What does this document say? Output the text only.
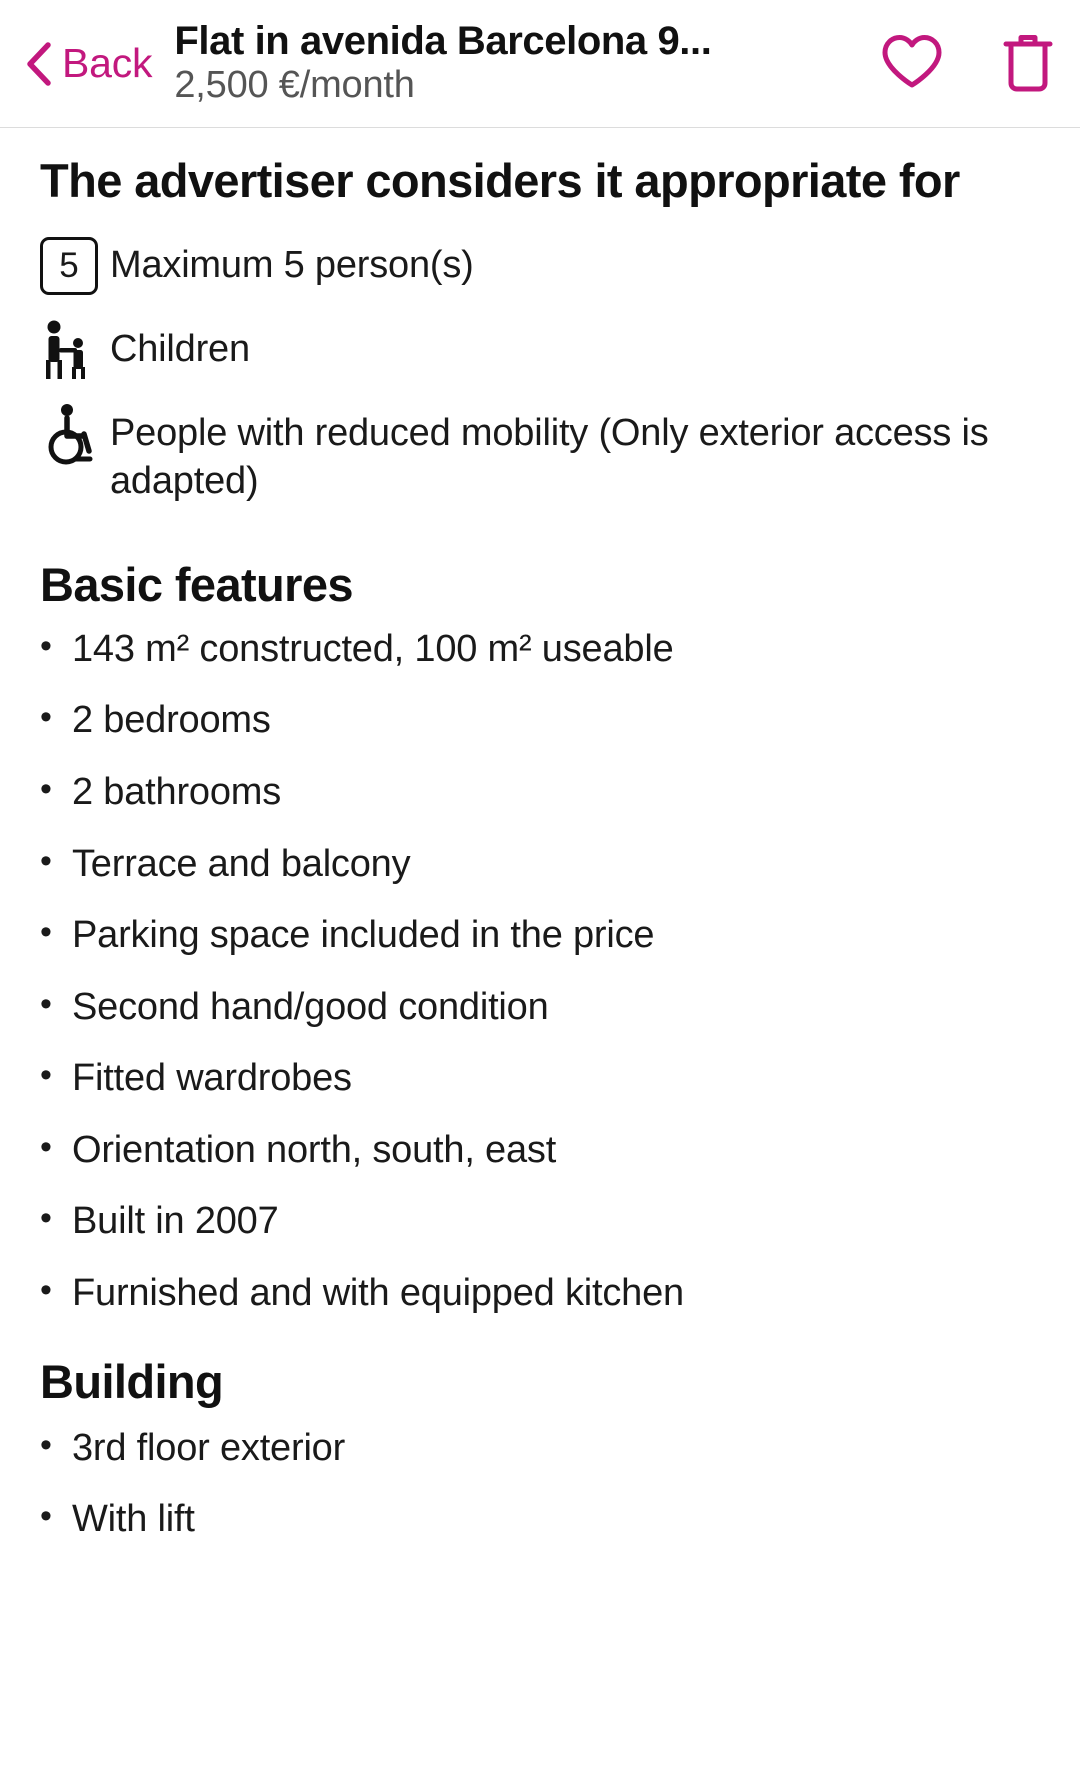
Back Flat in avenida Barcelona 9...
2,500 €/month
The advertiser considers it appropriate for
5 Maximum 5 person(s)
Children
People with reduced mobility (Only exterior access is adapted)
Basic features
• 143 m² constructed, 100 m² useable
• 2 bedrooms
• 2 bathrooms
• Terrace and balcony
• Parking space included in the price
• Second hand/good condition
• Fitted wardrobes
• Orientation north, south, east
• Built in 2007
• Furnished and with equipped kitchen
Building
• 3rd floor exterior
• With lift
